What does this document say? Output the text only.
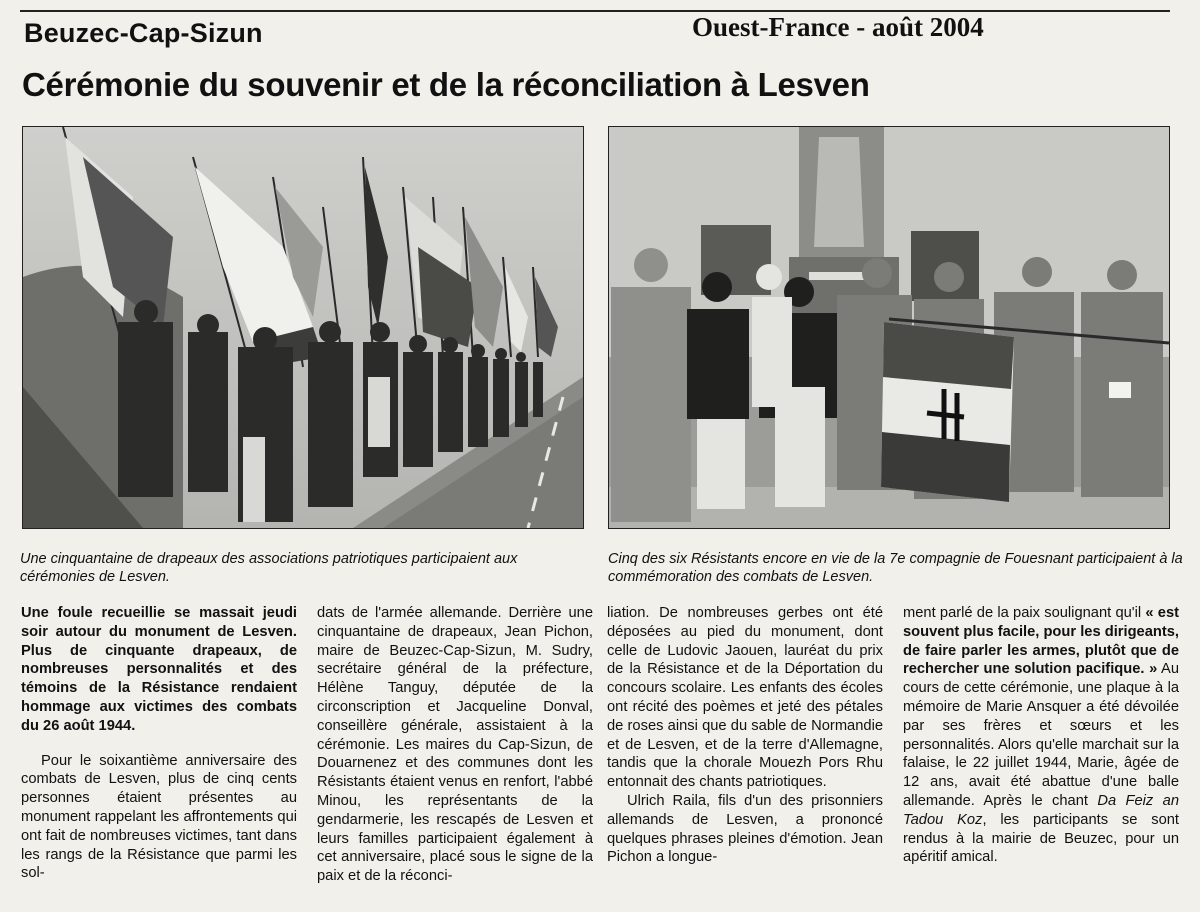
Beuzec-Cap-Sizun	Ouest-France - août 2004
Cérémonie du souvenir et de la réconciliation à Lesven
Une cinquantaine de drapeaux des associations patriotiques participaient aux cérémonies de Lesven.
Cinq des six Résistants encore en vie de la 7e compagnie de Fouesnant participaient à la commémoration des combats de Lesven.

Une foule recueillie se massait jeudi soir autour du monument de Lesven. Plus de cinquante drapeaux, de nombreuses personnalités et des témoins de la Résistance rendaient hommage aux victimes des combats du 26 août 1944.

Pour le soixantième anniversaire des combats de Lesven, plus de cinq cents personnes étaient présentes au monument rappelant les affrontements qui ont fait de nombreuses victimes, tant dans les rangs de la Résistance que parmi les sol-

dats de l'armée allemande. Derrière une cinquantaine de drapeaux, Jean Pichon, maire de Beuzec-Cap-Sizun, M. Sudry, secrétaire général de la préfecture, Hélène Tanguy, députée de la circonscription et Jacqueline Donval, conseillère générale, assistaient à la cérémonie. Les maires du Cap-Sizun, de Douarnenez et des communes dont les Résistants étaient venus en renfort, l'abbé Minou, les représentants de la gendarmerie, les rescapés de Lesven et leurs familles participaient également à cet anniversaire, placé sous le signe de la paix et de la réconci-

liation. De nombreuses gerbes ont été déposées au pied du monument, dont celle de Ludovic Jaouen, lauréat du prix de la Résistance et de la Déportation du concours scolaire. Les enfants des écoles ont récité des poèmes et jeté des pétales de roses ainsi que du sable de Normandie et de Lesven, et de la terre d'Allemagne, tandis que la chorale Mouezh Pors Rhu entonnait des chants patriotiques.

Ulrich Raila, fils d'un des prisonniers allemands de Lesven, a prononcé quelques phrases pleines d'émotion. Jean Pichon a longue-

ment parlé de la paix soulignant qu'il « est souvent plus facile, pour les dirigeants, de faire parler les armes, plutôt que de rechercher une solution pacifique. » Au cours de cette cérémonie, une plaque à la mémoire de Marie Ansquer a été dévoilée par ses frères et sœurs et les personnalités. Alors qu'elle marchait sur la falaise, le 22 juillet 1944, Marie, âgée de 12 ans, avait été abattue d'une balle allemande. Après le chant Da Feiz an Tadou Koz, les participants se sont rendus à la mairie de Beuzec, pour un apéritif amical.
